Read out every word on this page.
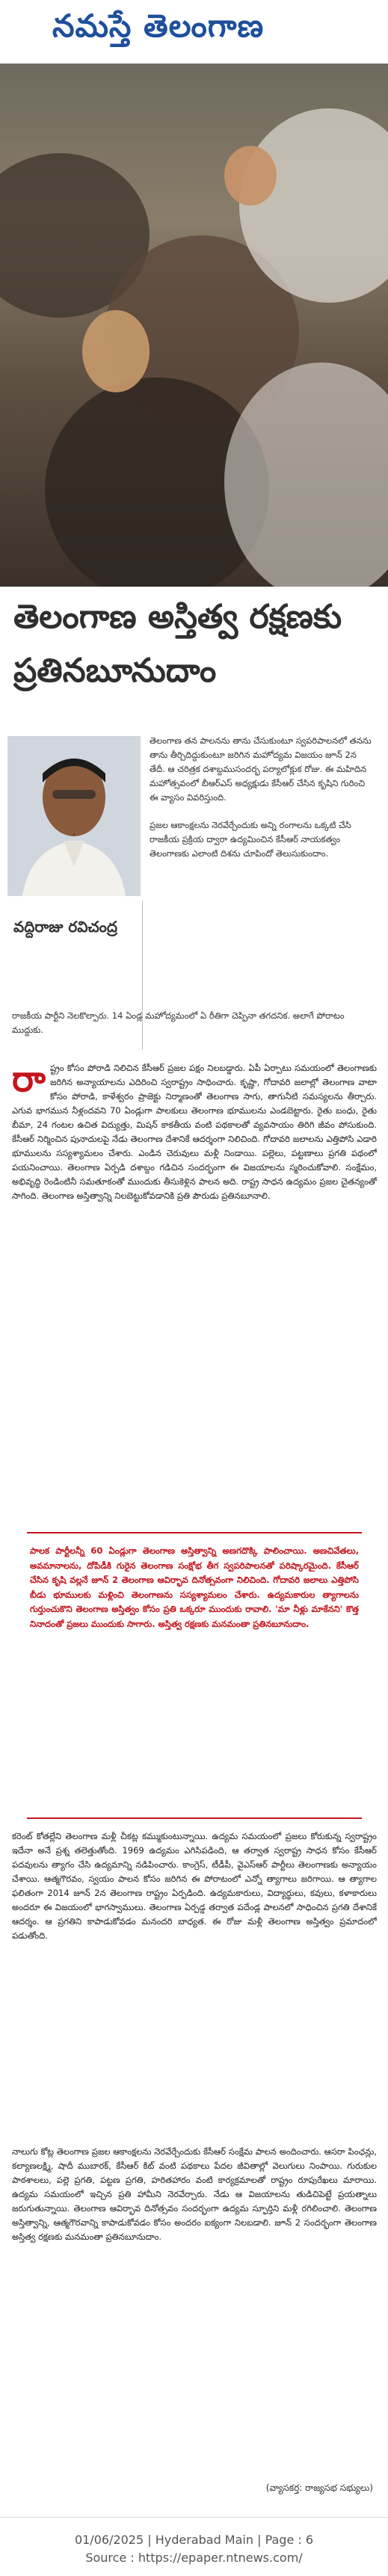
నమస్తే తెలంగాణ
తెలంగాణ అస్తిత్వ రక్షణకు
ప్రతినబూనుదాం
వద్దిరాజు రవిచంద్ర

తెలంగాణ తన పాలనను తాను చేసుకుంటూ స్వపరిపాలనలో తనను తాను తీర్చిదిద్దుకుంటూ జరిగిన మహోద్యమ విజయం జూన్ 2న తేదీ. ఆ చరిత్రక దశాబ్దముసందర్భ పర్యాలోక్లుక రోజు. ఈ మహిదిన మహోత్సవంలో బీఆర్ఎస్ అధ్యక్షుడు కేసీఆర్ చేసిన కృషిని గురించి ఈ వ్యాసం వివరిస్తుంది.

ప్రజల ఆకాంక్షలను నెరవేర్చేందుకు అన్ని రంగాలను ఒక్కటి చేసి రాజకీయ ప్రక్రియ ద్వారా ఉద్యమించిన కేసీఆర్ నాయకత్వం తెలంగాణకు ఎలాంటి దిశను చూపిందో తెలుసుకుందాం.

రాజకీయ పార్టీని నెలకొల్పారు. 14 ఏండ్ల మహోద్యమంలో ఏ రీతిగా చెప్పినా తగదనిక. అలాగే పోరాటం ముద్దుకు.
రా ష్ట్రం కోసం పోరాడి నిలిచిన కేసీఆర్ ప్రజల పక్షం నిలబడ్డారు. ఏపీ ఏర్పాటు సమయంలో తెలంగాణకు జరిగిన అన్యాయాలను ఎదిరించి స్వరాష్ట్రం సాధించారు. కృష్ణా, గోదావరి జలాల్లో తెలంగాణ వాటా కోసం పోరాడి, కాళేశ్వరం ప్రాజెక్టు నిర్మాణంతో తెలంగాణ సాగు, తాగునీటి సమస్యలను తీర్చారు. ఎగువ భాగమున నీళ్లందవని 70 ఏండ్లుగా పాలకులు తెలంగాణ భూములను ఎండబెట్టారు. రైతు బంధు, రైతు బీమా, 24 గంటల ఉచిత విద్యుత్తు, మిషన్ కాకతీయ వంటి పథకాలతో వ్యవసాయం తిరిగి జీవం పోసుకుంది. కేసీఆర్ నిర్మించిన పునాదులపై నేడు తెలంగాణ దేశానికే ఆదర్శంగా నిలిచింది. గోదావరి జలాలను ఎత్తిపోసి ఎడారి భూములను సస్యశ్యామలం చేశారు. ఎండిన చెరువులు మళ్లీ నిండాయి. పల్లెలు, పట్టణాలు ప్రగతి పథంలో పయనించాయి. తెలంగాణ ఏర్పడి దశాబ్దం గడిచిన సందర్భంగా ఈ విజయాలను స్మరించుకోవాలి. సంక్షేమం, అభివృద్ధి రెండింటినీ సమతూకంతో ముందుకు తీసుకెళ్లిన పాలన అది. రాష్ట్ర సాధన ఉద్యమం ప్రజల చైతన్యంతో సాగింది. తెలంగాణ అస్తిత్వాన్ని నిలబెట్టుకోవడానికి ప్రతి పౌరుడు ప్రతినబూనాలి.
పాలక పార్టీలన్నీ 60 ఏండ్లుగా తెలంగాణ అస్తిత్వాన్ని అణగదొక్కి పాలించాయి. అణచివేతలు, అవమానాలను, దోపిడీకి గురైన తెలంగాణ సంక్షోభ తీగ స్వపరిపాలనతో పరిష్కారమైంది. కేసీఆర్ చేసిన కృషి వల్లనే జూన్ 2 తెలంగాణ ఆవిర్భావ దినోత్సవంగా నిలిచింది. గోదావరి జలాలు ఎత్తిపోసి బీడు భూములకు మళ్లించి తెలంగాణను సస్యశ్యామలం చేశారు. ఉద్యమకారుల త్యాగాలను గుర్తుంచుకొని తెలంగాణ అస్తిత్వం కోసం ప్రతి ఒక్కరూ ముందుకు రావాలి. 'మా నీళ్లు మాకేనని' కొత్త నినాదంతో ప్రజలు ముందుకు సాగారు. అస్తిత్వ రక్షణకు మనమంతా ప్రతినబూనుదాం.
కరెంట్ కోతల్లేని తెలంగాణ మళ్లీ చీకట్ల కమ్ముకుంటున్నాయి. ఉద్యమ సమయంలో ప్రజలు కోరుకున్న స్వరాష్ట్రం ఇదేనా అనే ప్రశ్న తలెత్తుతోంది. 1969 ఉద్యమం ఎగిసిపడింది, ఆ తర్వాత స్వరాష్ట్ర సాధన కోసం కేసీఆర్ పదవులను త్యాగం చేసి ఉద్యమాన్ని నడిపించారు. కాంగ్రెస్, టీడీపీ, వైఎస్ఆర్ పార్టీలు తెలంగాణకు అన్యాయం చేశాయి. ఆత్మగౌరవం, స్వయం పాలన కోసం జరిగిన ఈ పోరాటంలో ఎన్నో త్యాగాలు జరిగాయి. ఆ త్యాగాల ఫలితంగా 2014 జూన్ 2న తెలంగాణ రాష్ట్రం ఏర్పడింది. ఉద్యమకారులు, విద్యార్థులు, కవులు, కళాకారులు అందరూ ఈ విజయంలో భాగస్వాములు. తెలంగాణ ఏర్పడ్డ తర్వాత పదేండ్ల పాలనలో సాధించిన ప్రగతి దేశానికే ఆదర్శం. ఆ ప్రగతిని కాపాడుకోవడం మనందరి బాధ్యత. ఈ రోజు మళ్లీ తెలంగాణ అస్తిత్వం ప్రమాదంలో పడుతోంది.
నాలుగు కోట్ల తెలంగాణ ప్రజల ఆకాంక్షలను నెరవేర్చేందుకు కేసీఆర్ సంక్షేమ పాలన అందించారు. ఆసరా పింఛన్లు, కల్యాణలక్ష్మి, షాదీ ముబారక్, కేసీఆర్ కిట్ వంటి పథకాలు పేదల జీవితాల్లో వెలుగులు నింపాయి. గురుకుల పాఠశాలలు, పల్లె ప్రగతి, పట్టణ ప్రగతి, హరితహారం వంటి కార్యక్రమాలతో రాష్ట్రం రూపురేఖలు మారాయి. ఉద్యమ సమయంలో ఇచ్చిన ప్రతి హామీని నెరవేర్చారు. నేడు ఆ విజయాలను తుడిచిపెట్టే ప్రయత్నాలు జరుగుతున్నాయి. తెలంగాణ ఆవిర్భావ దినోత్సవం సందర్భంగా ఉద్యమ స్ఫూర్తిని మళ్లీ రగిలించాలి. తెలంగాణ అస్తిత్వాన్ని, ఆత్మగౌరవాన్ని కాపాడుకోవడం కోసం అందరం ఐక్యంగా నిలబడాలి. జూన్ 2 సందర్భంగా తెలంగాణ అస్తిత్వ రక్షణకు మనమంతా ప్రతినబూనుదాం.
(వ్యాసకర్త: రాజ్యసభ సభ్యులు)
01/06/2025 | Hyderabad Main | Page : 6
Source : https://epaper.ntnews.com/
